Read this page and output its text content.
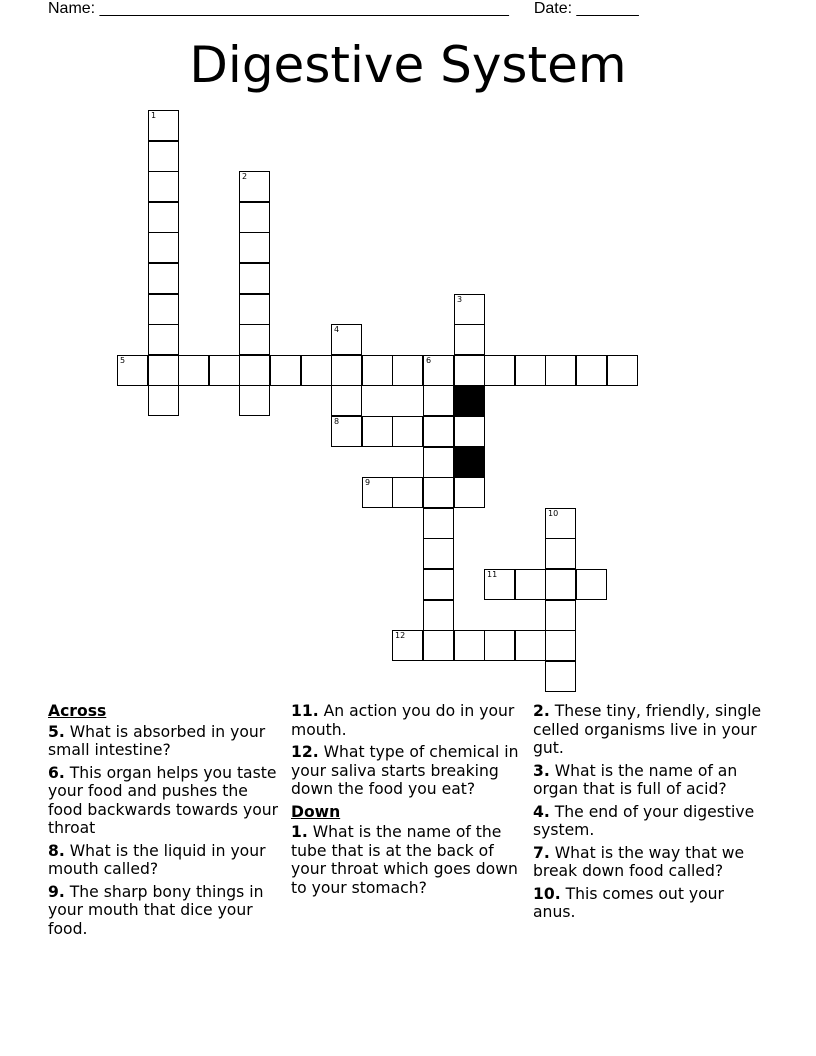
Name: ______________________________________________ Date: _______
Digestive System
1
2
3
4
8
5	6
9
10
11
12

Across

5. What is absorbed in your small intestine?

6. This organ helps you taste your food and pushes the food backwards towards your throat

8. What is the liquid in your mouth called?

9. The sharp bony things in your mouth that dice your food.

11. An action you do in your mouth.

12. What type of chemical in your saliva starts breaking down the food you eat?

Down

1. What is the name of the tube that is at the back of your throat which goes down to your stomach?

2. These tiny, friendly, single celled organisms live in your gut.

3. What is the name of an organ that is full of acid?

4. The end of your digestive system.

7. What is the way that we break down food called?

10. This comes out your anus.
